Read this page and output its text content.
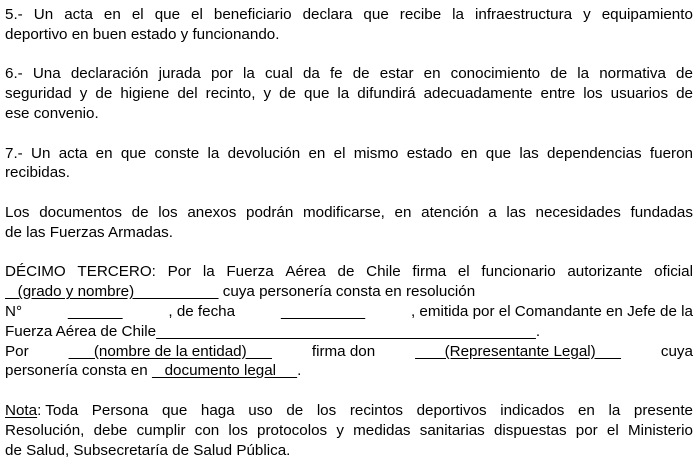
5.- Un acta en el que el beneficiario declara que recibe la infraestructura y equipamiento
deportivo en buen estado y funcionando.
6.- Una declaración jurada por la cual da fe de estar en conocimiento de la normativa de
seguridad y de higiene del recinto, y de que la difundirá adecuadamente entre los usuarios de
ese convenio.
7.- Un acta en que conste la devolución en el mismo estado en que las dependencias fueron
recibidas.
Los documentos de los anexos podrán modificarse, en atención a las necesidades fundadas
de las Fuerzas Armadas.
DÉCIMO TERCERO: Por la Fuerza Aérea de Chile firma el funcionario autorizante oficial
(grado y nombre) cuya personería consta en resolución
N°
	, de fecha
	, emitida por el Comandante en Jefe de la
Fuerza Aérea de Chile
	.
Por	(nombre de la entidad)	firma don	(Representante Legal)	cuya
personería consta en documento legal .
Nota: Toda Persona que haga uso de los recintos deportivos indicados en la presente
Resolución, debe cumplir con los protocolos y medidas sanitarias dispuestas por el Ministerio
de Salud, Subsecretaría de Salud Pública.
